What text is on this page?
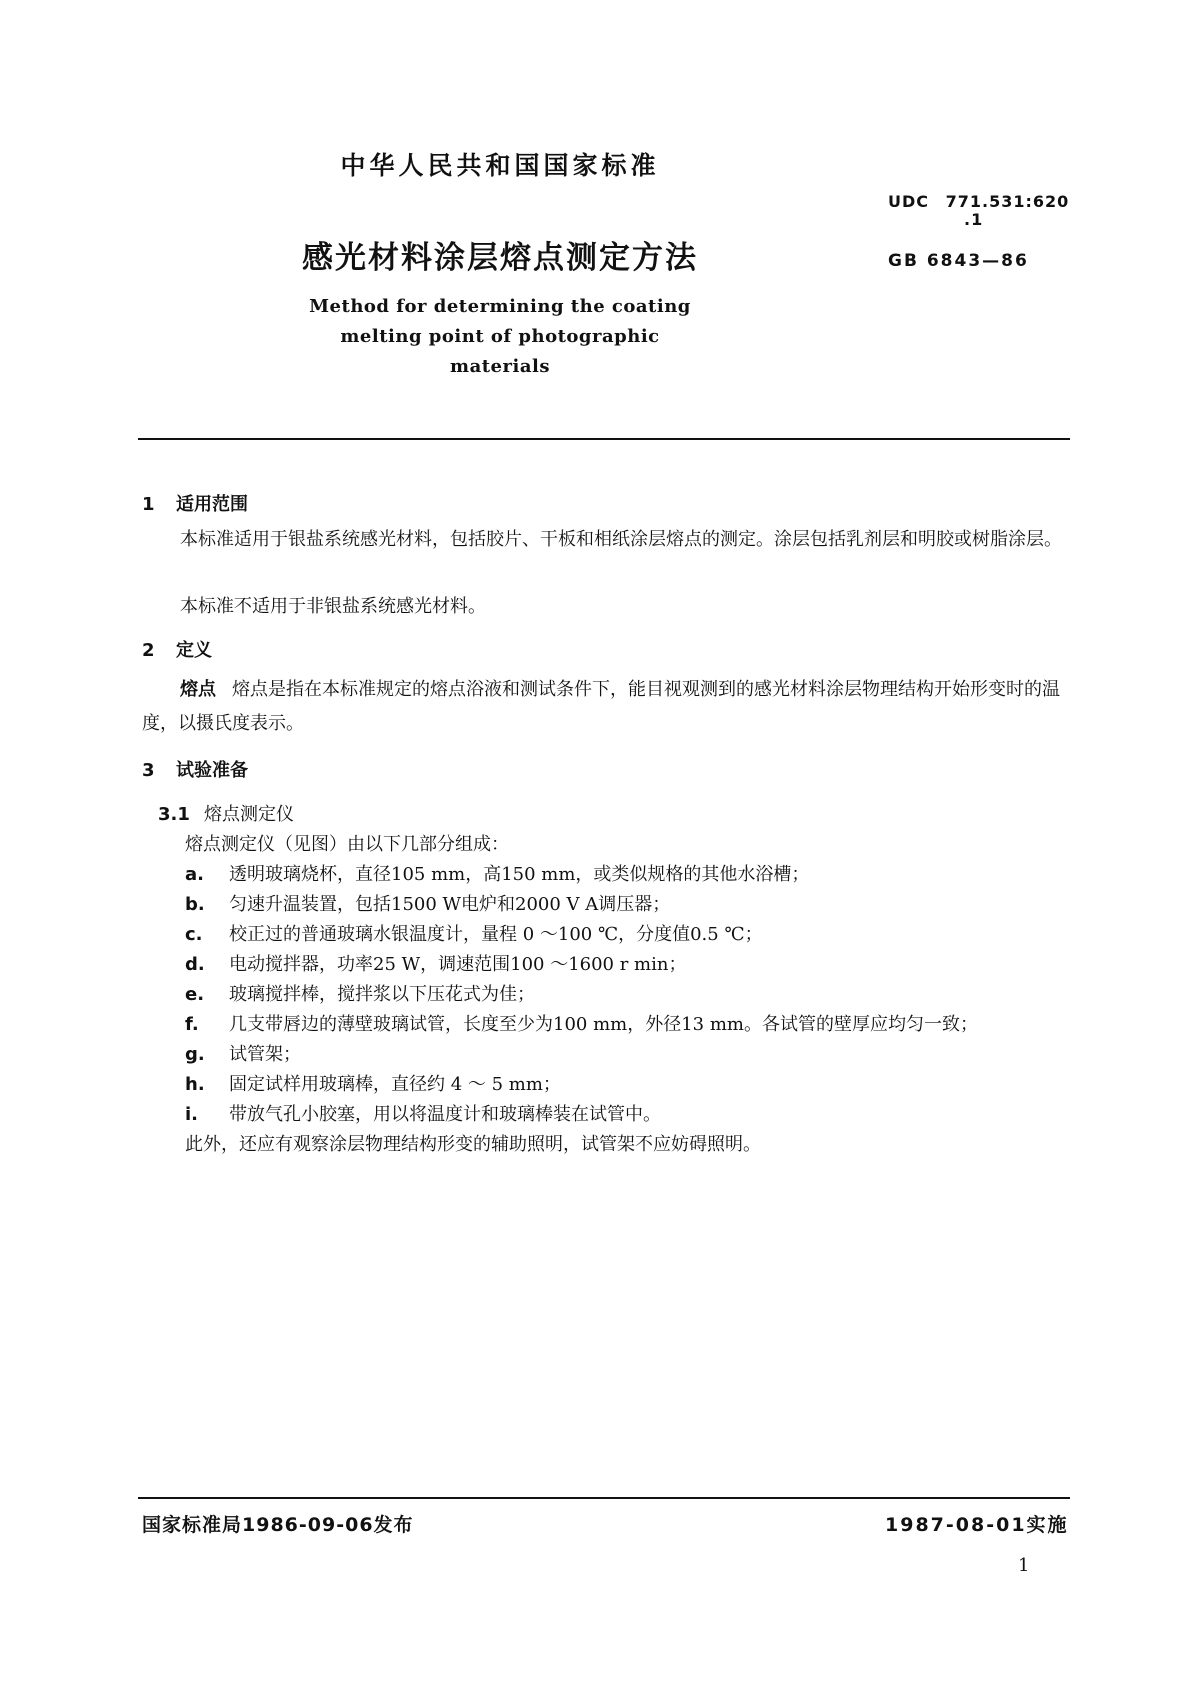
中华人民共和国国家标准
UDC 771.531:620
.1
感光材料涂层熔点测定方法	GB 6843—86
Method for determining the coating
melting point of photographic
materials
1 适用范围
本标准适用于银盐系统感光材料，包括胶片、干板和相纸涂层熔点的测定。涂层包括乳剂层和明胶或树脂涂层。
本标准不适用于非银盐系统感光材料。
2 定义
熔点 熔点是指在本标准规定的熔点浴液和测试条件下，能目视观测到的感光材料涂层物理结构开始形变时的温度，以摄氏度表示。
3 试验准备
3.1 熔点测定仪
熔点测定仪（见图）由以下几部分组成：
a. 透明玻璃烧杯，直径105 mm，高150 mm，或类似规格的其他水浴槽；
b. 匀速升温装置，包括1500 W电炉和2000 V A调压器；
c. 校正过的普通玻璃水银温度计，量程 0 ～100 ℃，分度值0.5 ℃；
d. 电动搅拌器，功率25 W，调速范围100 ～1600 r min；
e. 玻璃搅拌棒，搅拌浆以下压花式为佳；
f. 几支带唇边的薄壁玻璃试管，长度至少为100 mm，外径13 mm。各试管的壁厚应均匀一致；
g. 试管架；
h. 固定试样用玻璃棒，直径约 4 ～ 5 mm；
i. 带放气孔小胶塞，用以将温度计和玻璃棒装在试管中。
此外，还应有观察涂层物理结构形变的辅助照明，试管架不应妨碍照明。
国家标准局1986-09-06发布	1987-08-01实施
1
